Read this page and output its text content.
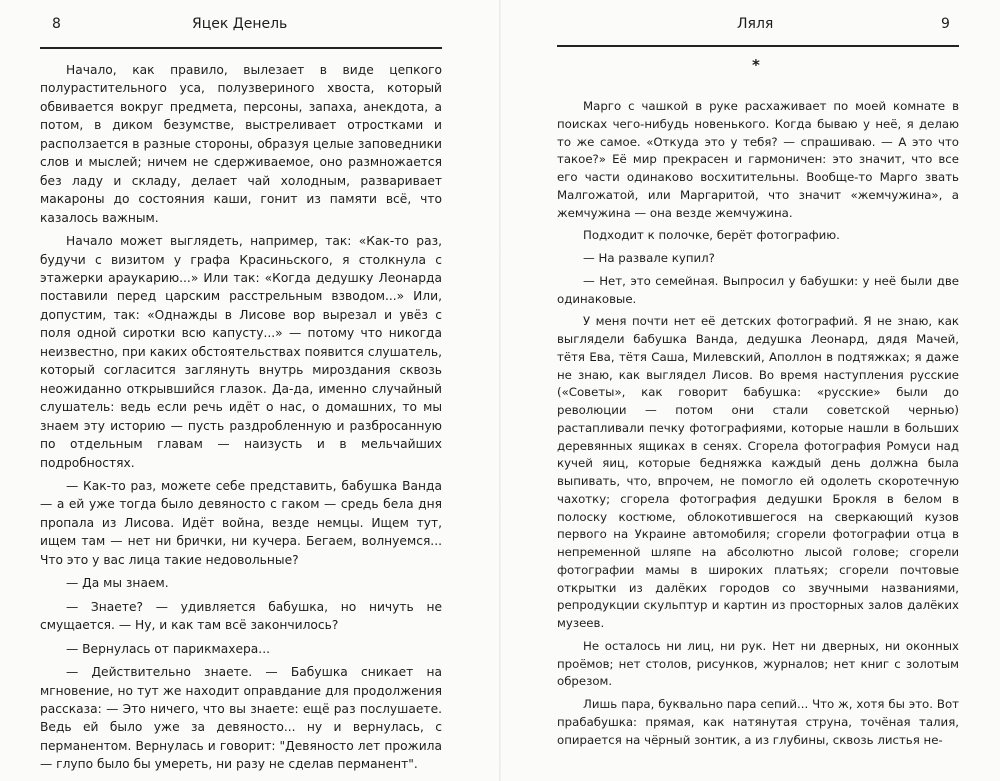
8	Яцек Денель

Начало, как правило, вылезает в виде цепкого полурастительного уса, полузвериного хвоста, который обвивается вокруг предмета, персоны, запаха, анекдота, а потом, в диком безумстве, выстреливает отростками и расползается в разные стороны, образуя целые заповедники слов и мыслей; ничем не сдерживаемое, оно размножается без ладу и складу, делает чай холодным, разваривает макароны до состояния каши, гонит из памяти всё, что казалось важным.

Начало может выглядеть, например, так: «Как-то раз, будучи с визитом у графа Красиньского, я столкнула с этажерки араукарию...» Или так: «Когда дедушку Леонарда поставили перед царским расстрельным взводом...» Или, допустим, так: «Однажды в Лисове вор вырезал и увёз с поля одной сиротки всю капусту...» — потому что никогда неизвестно, при каких обстоятельствах появится слушатель, который согласится заглянуть внутрь мироздания сквозь неожиданно открывшийся глазок. Да-да, именно случайный слушатель: ведь если речь идёт о нас, о домашних, то мы знаем эту историю — пусть раздробленную и разбросанную по отдельным главам — наизусть и в мельчайших подробностях.

— Как-то раз, можете себе представить, бабушка Ванда — а ей уже тогда было девяносто с гаком — средь бела дня пропала из Лисова. Идёт война, везде немцы. Ищем тут, ищем там — нет ни брички, ни кучера. Бегаем, волнуемся... Что это у вас лица такие недовольные?

— Да мы знаем.

— Знаете? — удивляется бабушка, но ничуть не смущается. — Ну, и как там всё закончилось?

— Вернулась от парикмахера...

— Действительно знаете. — Бабушка сникает на мгновение, но тут же находит оправдание для продолжения рассказа: — Это ничего, что вы знаете: ещё раз послушаете. Ведь ей было уже за девяносто... ну и вернулась, с перманентом. Вернулась и говорит: "Девяносто лет прожила — глупо было бы умереть, ни разу не сделав перманент".

Ляля	9
*

Марго с чашкой в руке расхаживает по моей комнате в поисках чего-нибудь новенького. Когда бываю у неё, я делаю то же самое. «Откуда это у тебя? — спрашиваю. — А это что такое?» Её мир прекрасен и гармоничен: это значит, что все его части одинаково восхитительны. Вообще-то Марго звать Малгожатой, или Маргаритой, что значит «жемчужина», а жемчужина — она везде жемчужина.

Подходит к полочке, берёт фотографию.

— На развале купил?

— Нет, это семейная. Выпросил у бабушки: у неё были две одинаковые.

У меня почти нет её детских фотографий. Я не знаю, как выглядели бабушка Ванда, дедушка Леонард, дядя Мачей, тётя Ева, тётя Саша, Милевский, Аполлон в подтяжках; я даже не знаю, как выглядел Лисов. Во время наступления русские («Советы», как говорит бабушка: «русские» были до революции — потом они стали советской чернью) растапливали печку фотографиями, которые нашли в больших деревянных ящиках в сенях. Сгорела фотография Ромуси над кучей яиц, которые бедняжка каждый день должна была выпивать, что, впрочем, не помогло ей одолеть скоротечную чахотку; сгорела фотография дедушки Брокля в белом в полоску костюме, облокотившегося на сверкающий кузов первого на Украине автомобиля; сгорели фотографии отца в непременной шляпе на абсолютно лысой голове; сгорели фотографии мамы в широких платьях; сгорели почтовые открытки из далёких городов со звучными названиями, репродукции скульптур и картин из просторных залов далёких музеев.

Не осталось ни лиц, ни рук. Нет ни дверных, ни оконных проёмов; нет столов, рисунков, журналов; нет книг с золотым обрезом.

Лишь пара, буквально пара сепий... Что ж, хотя бы это. Вот прабабушка: прямая, как натянутая струна, точёная талия, опирается на чёрный зонтик, а из глубины, сквозь листья не-
